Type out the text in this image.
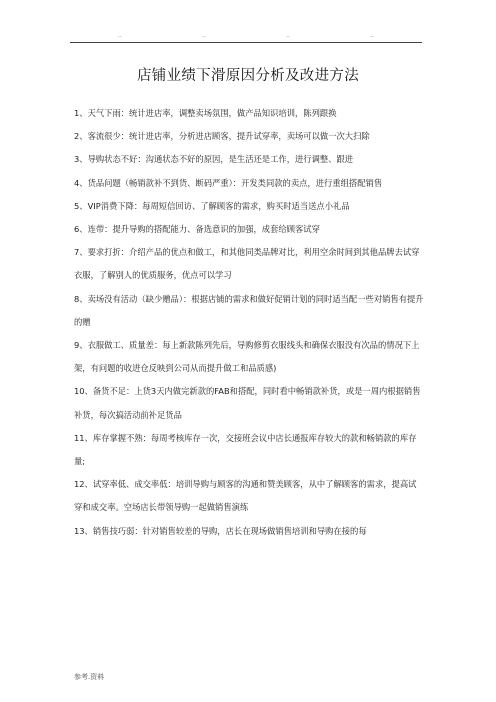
..	..	..	..
店铺业绩下滑原因分析及改进方法

1、天气下雨：统计进店率，调整卖场氛围，做产品知识培训，陈列跟换

2、客流很少：统计进店率，分析进店顾客，提升试穿率，卖场可以做一次大扫除

3、导购状态不好：沟通状态不好的原因，是生活还是工作，进行调整、跟进

4、货品问题（畅销款补不到货、断码严重）：开发类同款的卖点，进行重组搭配销售

5、VIP消费下降：每周短信回访、了解顾客的需求，购买时适当送点小礼品

6、连带：提升导购的搭配能力、备选意识的加强，成套给顾客试穿

7、要求打折：介绍产品的优点和做工，和其他同类品牌对比，利用空余时间到其他品牌去试穿衣服，了解别人的优质服务，优点可以学习

8、卖场没有活动（缺少赠品）：根据店铺的需求和做好促销计划的同时适当配一些对销售有提升的赠

9、衣服做工、质量差：每上新款陈列先后，导购修剪衣服线头和确保衣服没有次品的情况下上架，有问题的收进仓反映到公司从而提升做工和品质感)

10、备货不足：上货3天内做完新款的FAB和搭配，同时看中畅销款补货，或是一周内根据销售补货，每次搞活动前补足货品

11、库存掌握不熟：每周考核库存一次，交接班会议中店长通报库存较大的款和畅销款的库存量;

12、试穿率低、成交率低：培训导购与顾客的沟通和赞美顾客，从中了解顾客的需求，提高试穿和成交率。空场店长带领导购一起做销售演练

13、销售技巧弱：针对销售较差的导购，店长在现场做销售培训和导购在接的每

参考.资料
